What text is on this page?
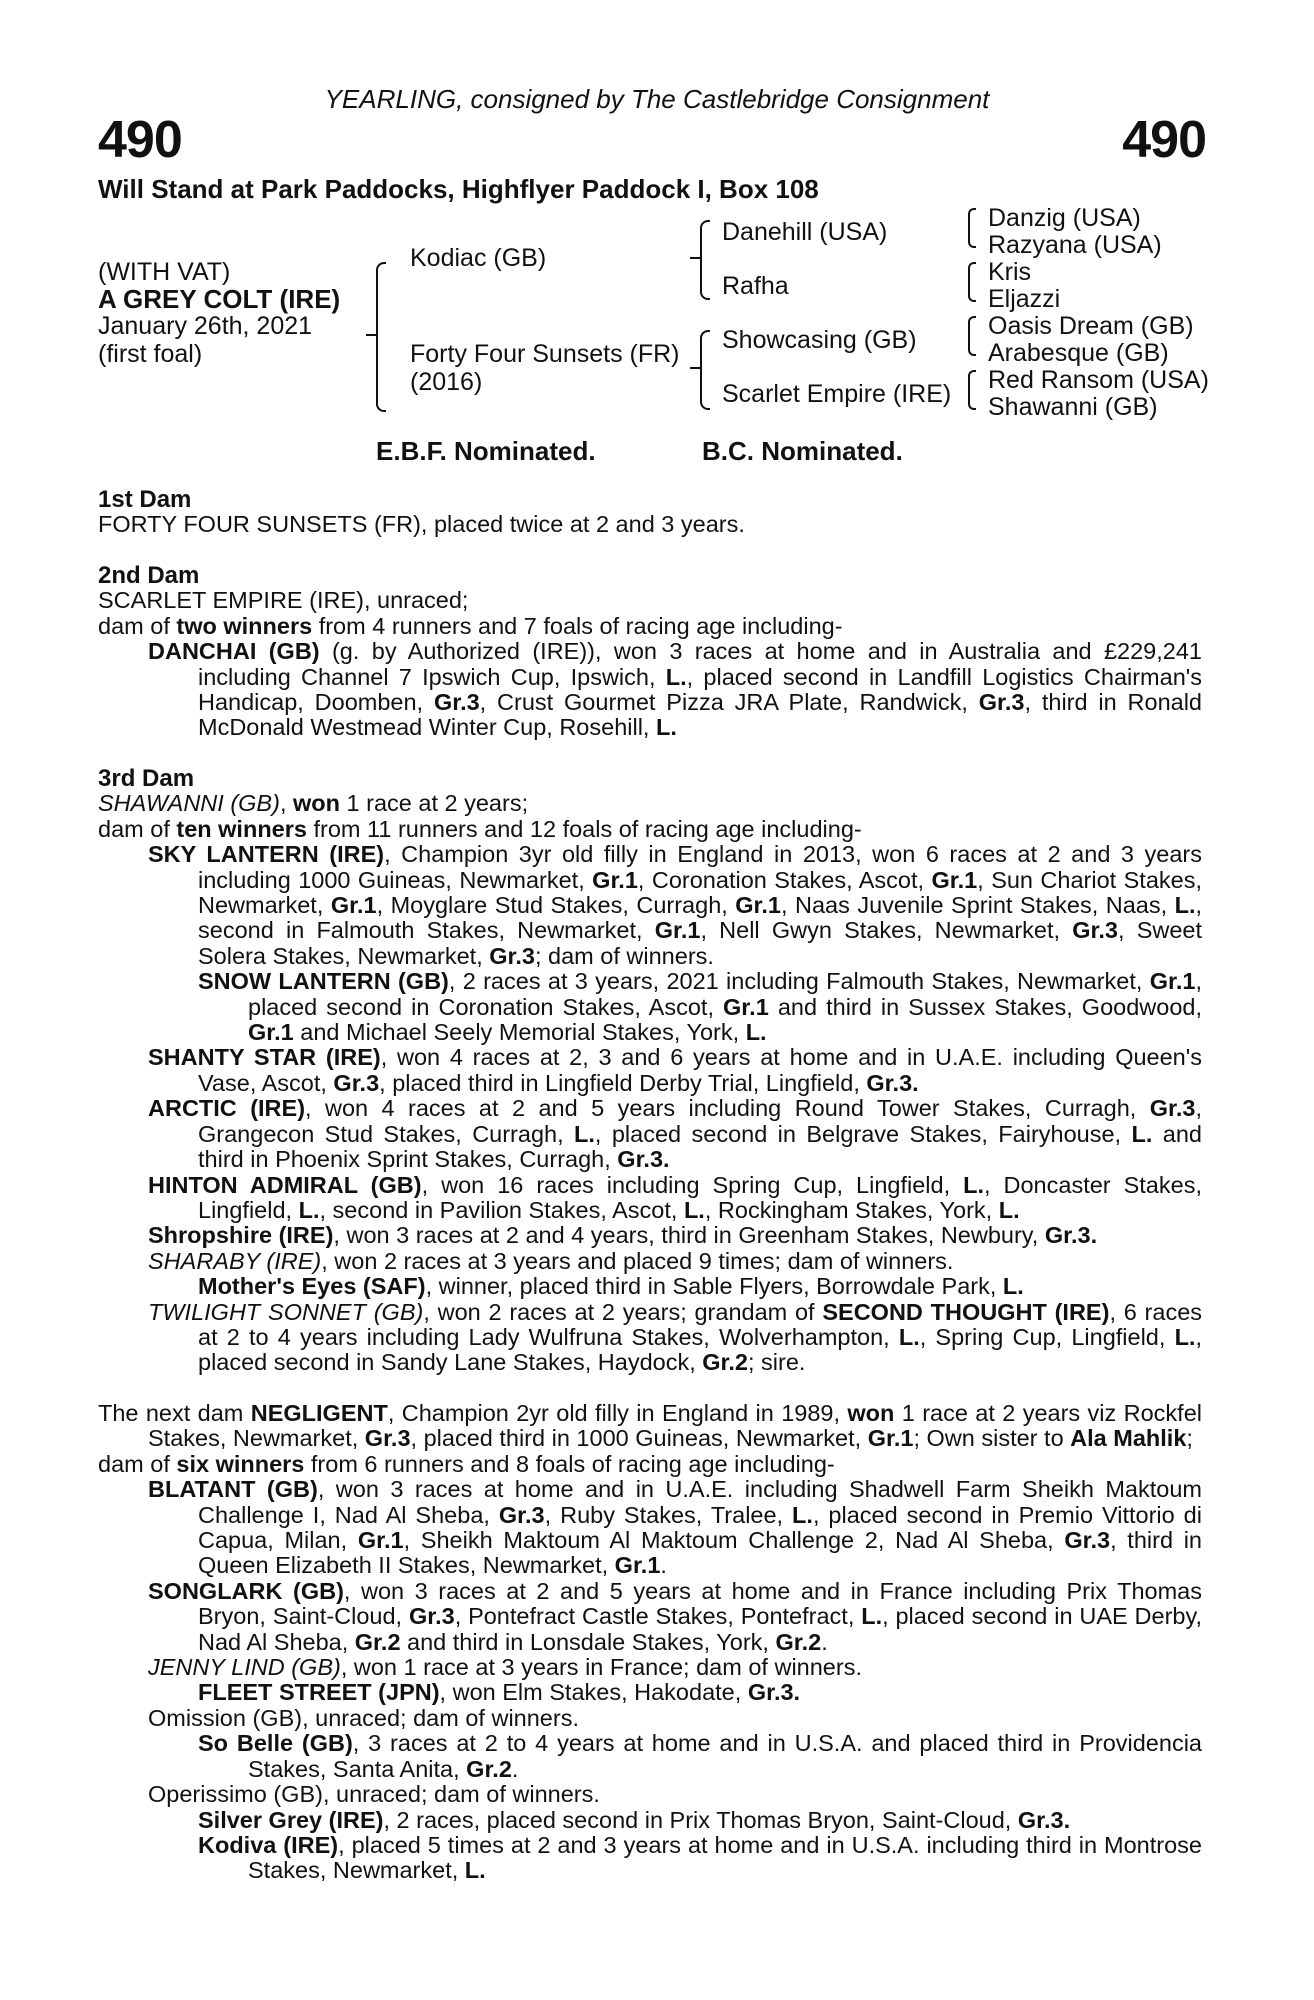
YEARLING, consigned by The Castlebridge Consignment
490	490
Will Stand at Park Paddocks, Highflyer Paddock I, Box 108
(WITH VAT)
A GREY COLT (IRE)
January 26th, 2021
(first foal)
Kodiac (GB)
Forty Four Sunsets (FR)
(2016)
Danehill (USA)
Rafha
Showcasing (GB)
Scarlet Empire (IRE)
Danzig (USA)
Razyana (USA)
Kris
Eljazzi
Oasis Dream (GB)
Arabesque (GB)
Red Ransom (USA)
Shawanni (GB)
E.B.F. Nominated.	B.C. Nominated.
1st Dam

FORTY FOUR SUNSETS (FR), placed twice at 2 and 3 years.

2nd Dam

SCARLET EMPIRE (IRE), unraced;

dam of two winners from 4 runners and 7 foals of racing age including-

DANCHAI (GB) (g. by Authorized (IRE)), won 3 races at home and in Australia and £229,241 including Channel 7 Ipswich Cup, Ipswich, L., placed second in Landfill Logistics Chairman's Handicap, Doomben, Gr.3, Crust Gourmet Pizza JRA Plate, Randwick, Gr.3, third in Ronald McDonald Westmead Winter Cup, Rosehill, L.

3rd Dam

SHAWANNI (GB), won 1 race at 2 years;

dam of ten winners from 11 runners and 12 foals of racing age including-

SKY LANTERN (IRE), Champion 3yr old filly in England in 2013, won 6 races at 2 and 3 years including 1000 Guineas, Newmarket, Gr.1, Coronation Stakes, Ascot, Gr.1, Sun Chariot Stakes, Newmarket, Gr.1, Moyglare Stud Stakes, Curragh, Gr.1, Naas Juvenile Sprint Stakes, Naas, L., second in Falmouth Stakes, Newmarket, Gr.1, Nell Gwyn Stakes, Newmarket, Gr.3, Sweet Solera Stakes, Newmarket, Gr.3; dam of winners.

SNOW LANTERN (GB), 2 races at 3 years, 2021 including Falmouth Stakes, Newmarket, Gr.1, placed second in Coronation Stakes, Ascot, Gr.1 and third in Sussex Stakes, Goodwood, Gr.1 and Michael Seely Memorial Stakes, York, L.

SHANTY STAR (IRE), won 4 races at 2, 3 and 6 years at home and in U.A.E. including Queen's Vase, Ascot, Gr.3, placed third in Lingfield Derby Trial, Lingfield, Gr.3.

ARCTIC (IRE), won 4 races at 2 and 5 years including Round Tower Stakes, Curragh, Gr.3, Grangecon Stud Stakes, Curragh, L., placed second in Belgrave Stakes, Fairyhouse, L. and third in Phoenix Sprint Stakes, Curragh, Gr.3.

HINTON ADMIRAL (GB), won 16 races including Spring Cup, Lingfield, L., Doncaster Stakes, Lingfield, L., second in Pavilion Stakes, Ascot, L., Rockingham Stakes, York, L.

Shropshire (IRE), won 3 races at 2 and 4 years, third in Greenham Stakes, Newbury, Gr.3.

SHARABY (IRE), won 2 races at 3 years and placed 9 times; dam of winners.

Mother's Eyes (SAF), winner, placed third in Sable Flyers, Borrowdale Park, L.

TWILIGHT SONNET (GB), won 2 races at 2 years; grandam of SECOND THOUGHT (IRE), 6 races at 2 to 4 years including Lady Wulfruna Stakes, Wolverhampton, L., Spring Cup, Lingfield, L., placed second in Sandy Lane Stakes, Haydock, Gr.2; sire.

The next dam NEGLIGENT, Champion 2yr old filly in England in 1989, won 1 race at 2 years viz Rockfel Stakes, Newmarket, Gr.3, placed third in 1000 Guineas, Newmarket, Gr.1; Own sister to Ala Mahlik;

dam of six winners from 6 runners and 8 foals of racing age including-

BLATANT (GB), won 3 races at home and in U.A.E. including Shadwell Farm Sheikh Maktoum Challenge I, Nad Al Sheba, Gr.3, Ruby Stakes, Tralee, L., placed second in Premio Vittorio di Capua, Milan, Gr.1, Sheikh Maktoum Al Maktoum Challenge 2, Nad Al Sheba, Gr.3, third in Queen Elizabeth II Stakes, Newmarket, Gr.1.

SONGLARK (GB), won 3 races at 2 and 5 years at home and in France including Prix Thomas Bryon, Saint-Cloud, Gr.3, Pontefract Castle Stakes, Pontefract, L., placed second in UAE Derby, Nad Al Sheba, Gr.2 and third in Lonsdale Stakes, York, Gr.2.

JENNY LIND (GB), won 1 race at 3 years in France; dam of winners.

FLEET STREET (JPN), won Elm Stakes, Hakodate, Gr.3.

Omission (GB), unraced; dam of winners.

So Belle (GB), 3 races at 2 to 4 years at home and in U.S.A. and placed third in Providencia Stakes, Santa Anita, Gr.2.

Operissimo (GB), unraced; dam of winners.

Silver Grey (IRE), 2 races, placed second in Prix Thomas Bryon, Saint-Cloud, Gr.3.

Kodiva (IRE), placed 5 times at 2 and 3 years at home and in U.S.A. including third in Montrose Stakes, Newmarket, L.
